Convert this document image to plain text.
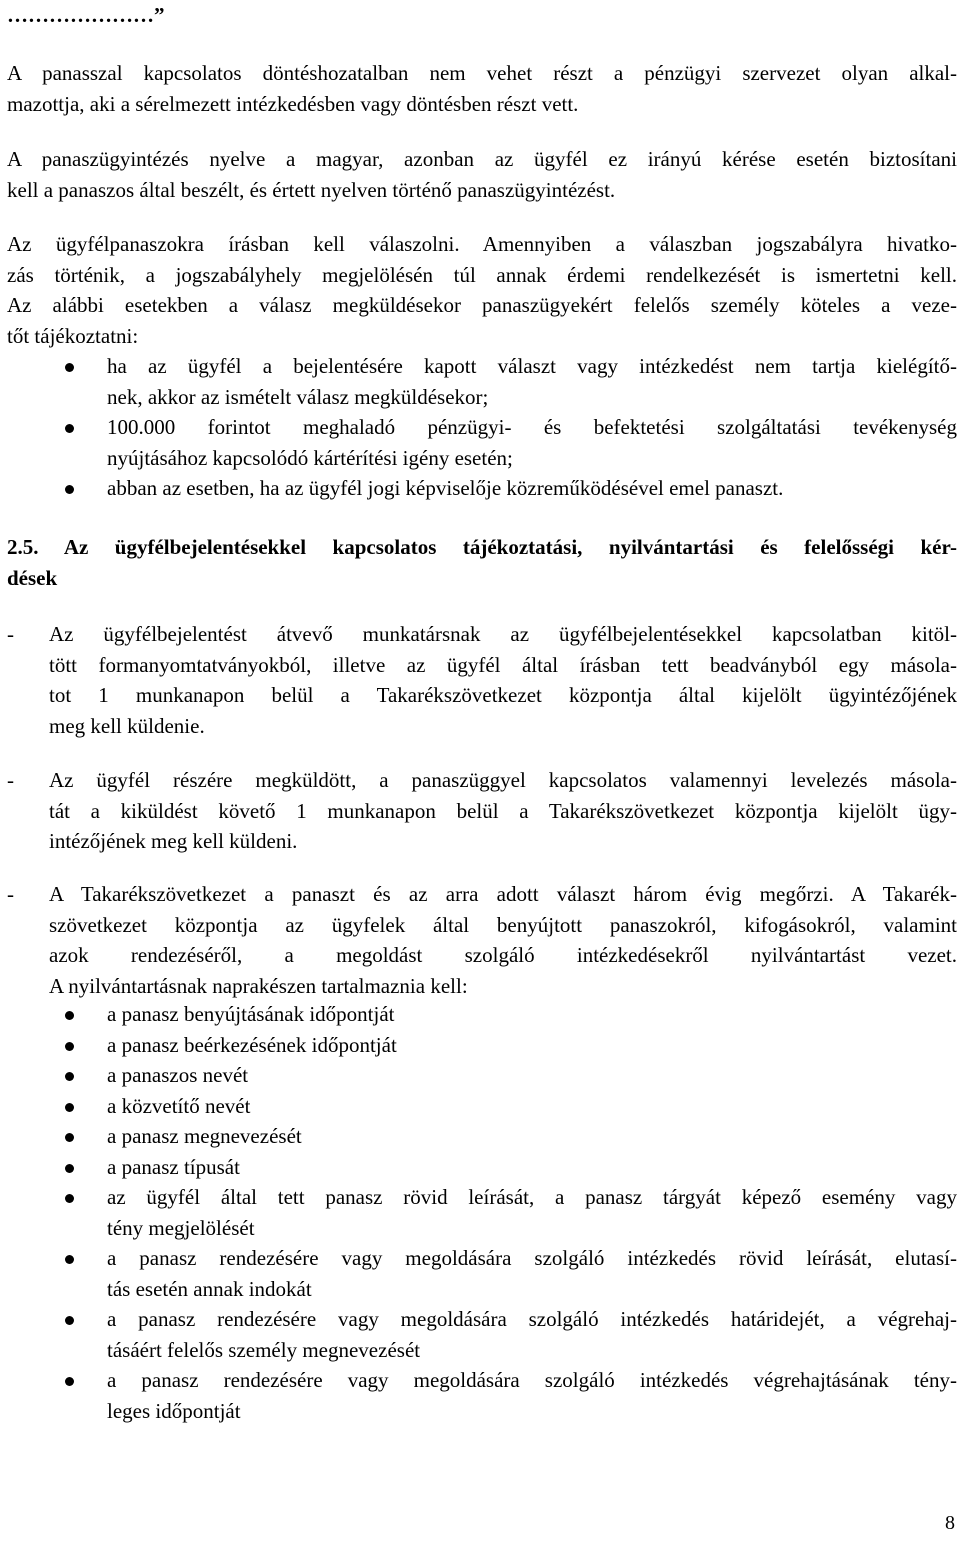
…………………”
A panasszal kapcsolatos döntéshozatalban nem vehet részt a pénzügyi szervezet olyan alkal-
mazottja, aki a sérelmezett intézkedésben vagy döntésben részt vett.
A panaszügyintézés nyelve a magyar, azonban az ügyfél ez irányú kérése esetén biztosítani
kell a panaszos által beszélt, és értett nyelven történő panaszügyintézést.
Az ügyfélpanaszokra írásban kell válaszolni. Amennyiben a válaszban jogszabályra hivatko-
zás történik, a jogszabályhely megjelölésén túl annak érdemi rendelkezését is ismertetni kell.
Az alábbi esetekben a válasz megküldésekor panaszügyekért felelős személy köteles a veze-
tőt tájékoztatni:
ha az ügyfél a bejelentésére kapott választ vagy intézkedést nem tartja kielégítő-
nek, akkor az ismételt válasz megküldésekor;
100.000 forintot meghaladó pénzügyi- és befektetési szolgáltatási tevékenység
nyújtásához kapcsolódó kártérítési igény esetén;
abban az esetben, ha az ügyfél jogi képviselője közreműködésével emel panaszt.
2.5. Az ügyfélbejelentésekkel kapcsolatos tájékoztatási, nyilvántartási és felelősségi kér-
dések
- Az ügyfélbejelentést átvevő munkatársnak az ügyfélbejelentésekkel kapcsolatban kitöl-
tött formanyomtatványokból, illetve az ügyfél által írásban tett beadványból egy másola-
tot 1 munkanapon belül a Takarékszövetkezet központja által kijelölt ügyintézőjének
meg kell küldenie.
- Az ügyfél részére megküldött, a panaszüggyel kapcsolatos valamennyi levelezés másola-
tát a kiküldést követő 1 munkanapon belül a Takarékszövetkezet központja kijelölt ügy-
intézőjének meg kell küldeni.
- A Takarékszövetkezet a panaszt és az arra adott választ három évig megőrzi. A Takarék-
szövetkezet központja az ügyfelek által benyújtott panaszokról, kifogásokról, valamint
azok rendezéséről, a megoldást szolgáló intézkedésekről nyilvántartást vezet.
A nyilvántartásnak naprakészen tartalmaznia kell:
a panasz benyújtásának időpontját
a panasz beérkezésének időpontját
a panaszos nevét
a közvetítő nevét
a panasz megnevezését
a panasz típusát
az ügyfél által tett panasz rövid leírását, a panasz tárgyát képező esemény vagy
tény megjelölését
a panasz rendezésére vagy megoldására szolgáló intézkedés rövid leírását, elutasí-
tás esetén annak indokát
a panasz rendezésére vagy megoldására szolgáló intézkedés határidejét, a végrehaj-
tásáért felelős személy megnevezését
a panasz rendezésére vagy megoldására szolgáló intézkedés végrehajtásának tény-
leges időpontját
8
